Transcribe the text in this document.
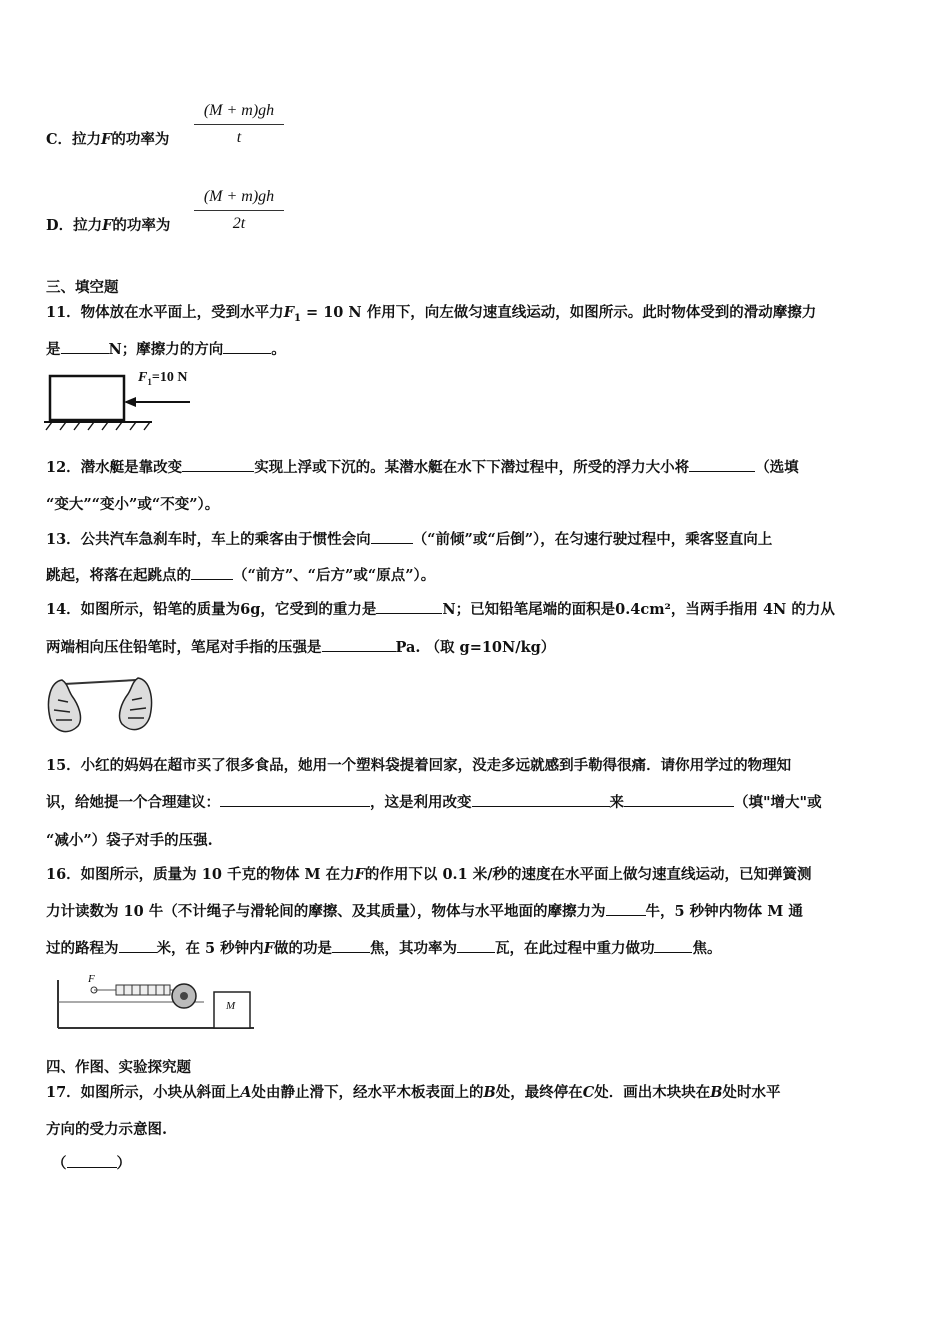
C．拉力F的功率为 $\frac{(M + m)gh}{t}$
D．拉力F的功率为 $\frac{(M + m)gh}{2t}$
三、填空题
11．物体放在水平面上，受到水平力$F_1 = 10$ N 作用下，向左做匀速直线运动，如图所示。此时物体受到的滑动摩擦力
是	N；摩擦力的方向	。
$F_1=10$ N
12．潜水艇是靠改变	实现上浮或下沉的。某潜水艇在水下下潜过程中，所受的浮力大小将	（选填
“变大”“变小”或“不变”）。
13．公共汽车急刹车时，车上的乘客由于惯性会向	（“前倾”或“后倒”），在匀速行驶过程中，乘客竖直向上
跳起，将落在起跳点的	（“前方”、“后方”或“原点”）。
14．如图所示，铅笔的质量为6g，它受到的重力是	N；已知铅笔尾端的面积是0.4cm²，当两手指用 4N 的力从
两端相向压住铅笔时，笔尾对手指的压强是	Pa. （取 g=10N/kg）
15．小红的妈妈在超市买了很多食品，她用一个塑料袋提着回家，没走多远就感到手勒得很痛．请你用学过的物理知
识，给她提一个合理建议：	，这是利用改变	来	（填"增大"或
“减小”）袋子对手的压强.
16．如图所示，质量为 10 千克的物体 M 在力F的作用下以 0.1 米/秒的速度在水平面上做匀速直线运动，已知弹簧测
力计读数为 10 牛（不计绳子与滑轮间的摩擦、及其质量），物体与水平地面的摩擦力为	牛，5 秒钟内物体 M 通
过的路程为	米，在 5 秒钟内F做的功是	焦，其功率为	瓦，在此过程中重力做功	焦。
F
M
四、作图、实验探究题
17．如图所示，小块从斜面上A处由静止滑下，经水平木板表面上的B处，最终停在C处．画出木块块在B处时水平
方向的受力示意图.
（	）
